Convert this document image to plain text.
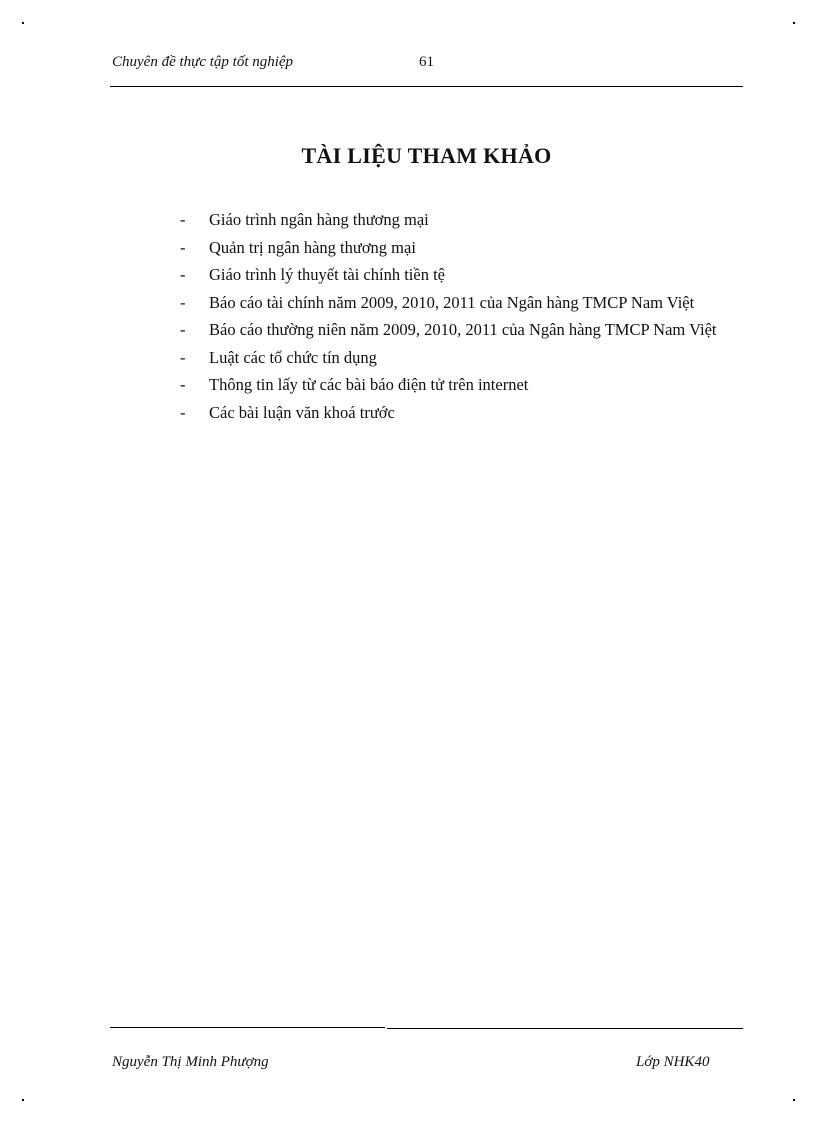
Chuyên đề thực tập tốt nghiệp	61
TÀI LIỆU THAM KHẢO
-	Giáo trình ngân hàng thương mại
-	Quản trị ngân hàng thương mại
-	Giáo trình lý thuyết tài chính tiền tệ
-	Báo cáo tài chính năm 2009, 2010, 2011 của Ngân hàng TMCP Nam Việt
-	Báo cáo thường niên năm 2009, 2010, 2011 của Ngân hàng TMCP Nam Việt
-	Luật các tổ chức tín dụng
-	Thông tin lấy từ các bài báo điện tử trên internet
-	Các bài luận văn khoá trước
Nguyễn Thị Minh Phượng	Lớp NHK40
